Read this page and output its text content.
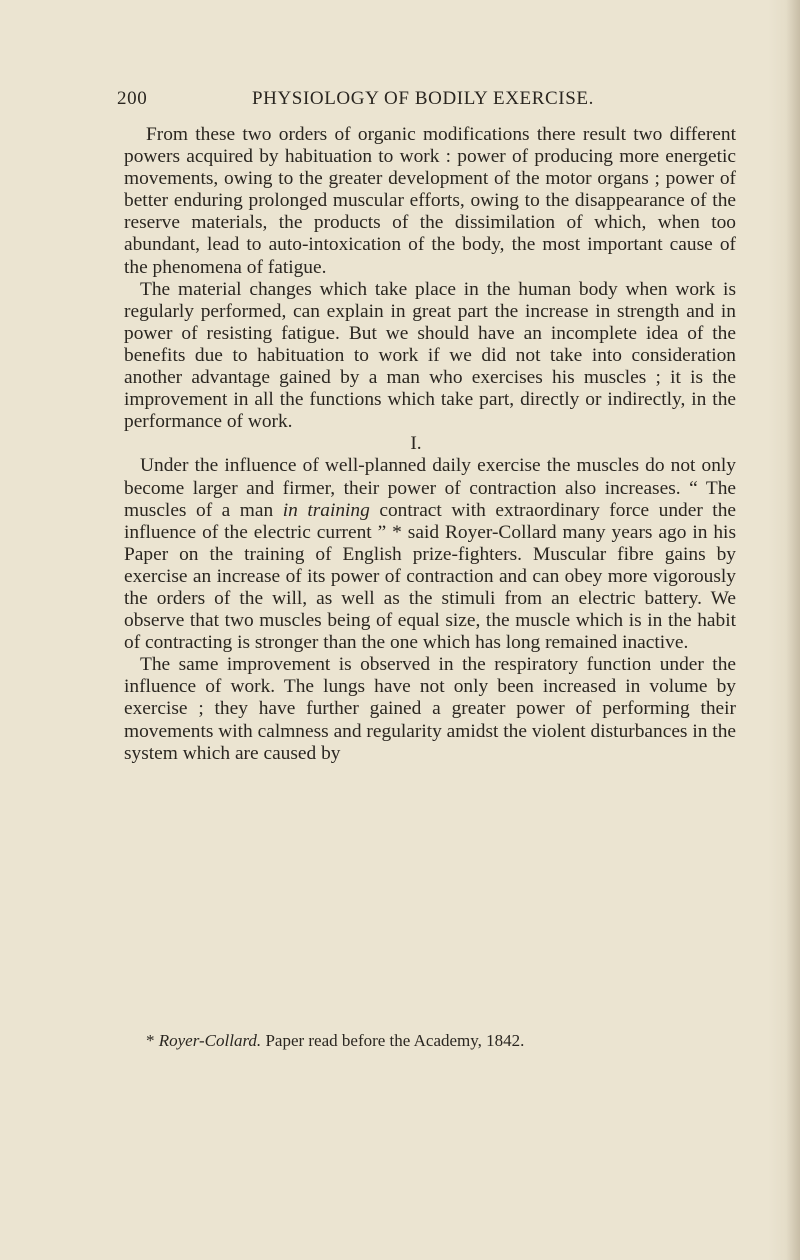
200	PHYSIOLOGY OF BODILY EXERCISE.

From these two orders of organic modifications there result two different powers acquired by habituation to work : power of producing more energetic movements, owing to the greater development of the motor organs ; power of better enduring prolonged muscular efforts, owing to the disappearance of the reserve materials, the products of the dissimilation of which, when too abundant, lead to auto-intoxication of the body, the most important cause of the phenomena of fatigue.

The material changes which take place in the human body when work is regularly performed, can explain in great part the increase in strength and in power of resisting fatigue. But we should have an incomplete idea of the benefits due to habituation to work if we did not take into consideration another advantage gained by a man who exercises his muscles ; it is the improvement in all the functions which take part, directly or indirectly, in the performance of work.

I.

Under the influence of well-planned daily exercise the muscles do not only become larger and firmer, their power of contraction also increases. “ The muscles of a man in training contract with extraordinary force under the influence of the electric current ” * said Royer-Collard many years ago in his Paper on the training of English prize-fighters. Muscular fibre gains by exercise an increase of its power of contraction and can obey more vigorously the orders of the will, as well as the stimuli from an electric battery. We observe that two muscles being of equal size, the muscle which is in the habit of contracting is stronger than the one which has long remained inactive.

The same improvement is observed in the respiratory function under the influence of work. The lungs have not only been increased in volume by exercise ; they have further gained a greater power of performing their movements with calmness and regularity amidst the violent disturbances in the system which are caused by

* Royer-Collard. Paper read before the Academy, 1842.
